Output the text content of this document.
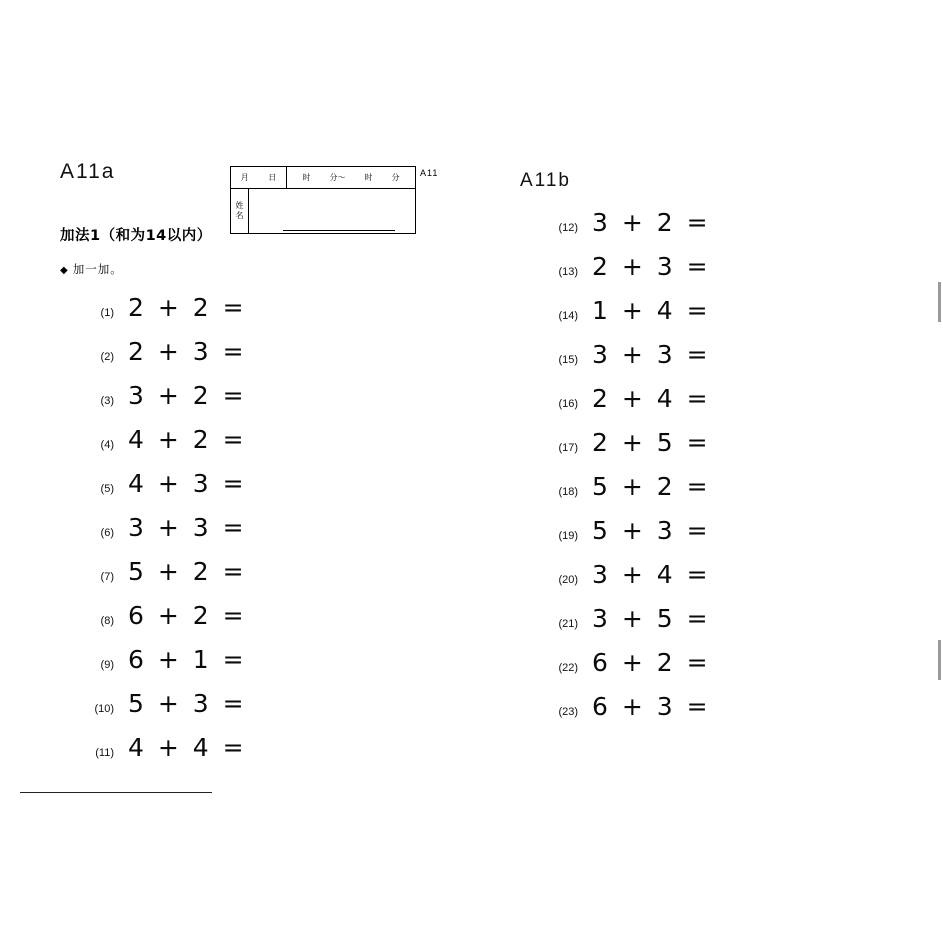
月 日	时 分～ 时 分
姓
名
A11
A11a
加法1（和为14以内）
◆ 加一加。
(1) 2 + 2 =
(2) 2 + 3 =
(3) 3 + 2 =
(4) 4 + 2 =
(5) 4 + 3 =
(6) 3 + 3 =
(7) 5 + 2 =
(8) 6 + 2 =
(9) 6 + 1 =
(10) 5 + 3 =
(11) 4 + 4 =
A11b
(12) 3 + 2 =
(13) 2 + 3 =
(14) 1 + 4 =
(15) 3 + 3 =
(16) 2 + 4 =
(17) 2 + 5 =
(18) 5 + 2 =
(19) 5 + 3 =
(20) 3 + 4 =
(21) 3 + 5 =
(22) 6 + 2 =
(23) 6 + 3 =
